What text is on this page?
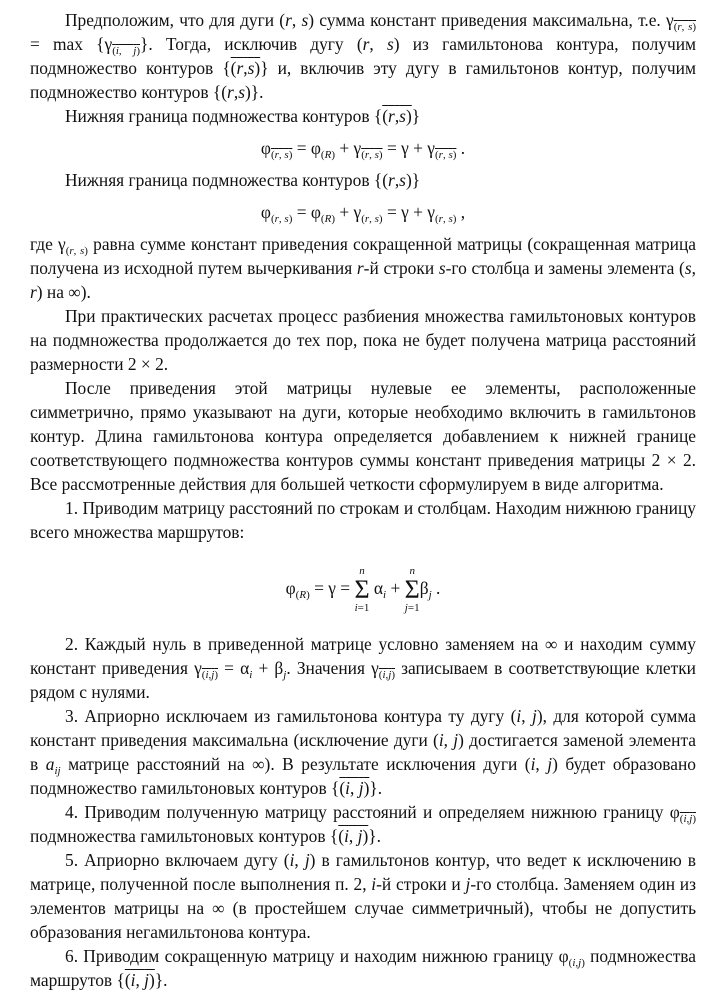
Предположим, что для дуги (r, s) сумма констант приведения максимальна, т.е. $\gamma_{(r, s)} = \max \{\gamma_{(i, j)}\}$. Тогда, исключив дугу (r, s) из гамильтонова контура, получим подмножество контуров {(r,s)} и, включив эту дугу в гамильтонов контур, получим подмножество контуров {(r,s)}.

Нижняя граница подмножества контуров {(r,s)}

$\varphi_{(r, s)} = \varphi_{(R)} + \gamma_{(r, s)} = \gamma + \gamma_{(r, s)}$ .

Нижняя граница подмножества контуров {(r,s)}

$\varphi_{(r, s)} = \varphi_{(R)} + \gamma_{(r, s)} = \gamma + \gamma_{(r, s)}$ ,

где $\gamma_{(r, s)}$ равна сумме констант приведения сокращенной матрицы (сокращенная матрица получена из исходной путем вычеркивания r-й строки s-го столбца и замены элемента (s, r) на ∞).

При практических расчетах процесс разбиения множества гамильтоновых контуров на подмножества продолжается до тех пор, пока не будет получена матрица расстояний размерности 2 × 2.

После приведения этой матрицы нулевые ее элементы, расположенные симметрично, прямо указывают на дуги, которые необходимо включить в гамильтонов контур. Длина гамильтонова контура определяется добавлением к нижней границе соответствующего подмножества контуров суммы констант приведения матрицы 2 × 2. Все рассмотренные действия для большей четкости сформулируем в виде алгоритма.

1. Приводим матрицу расстояний по строкам и столбцам. Находим нижнюю границу всего множества маршрутов:

$\varphi_{(R)} = \gamma = n$
Σ
i=1 $\alpha_i + n$
Σ
$j=1\beta_j$ .

2. Каждый нуль в приведенной матрице условно заменяем на ∞ и находим сумму констант приведения $\gamma_{(i,j)} = \alpha_i + \beta_j$. Значения $\gamma_{(i,j)}$ записываем в соответствующие клетки рядом с нулями.

3. Априорно исключаем из гамильтонова контура ту дугу (i, j), для которой сумма констант приведения максимальна (исключение дуги (i, j) достигается заменой элемента в $a_{ij}$ матрице расстояний на ∞). В результате исключения дуги (i, j) будет образовано подмножество гамильтоновых контуров {(i, j)}.

4. Приводим полученную матрицу расстояний и определяем нижнюю границу $\varphi_{(i,j)}$ подмножества гамильтоновых контуров {(i, j)}.

5. Априорно включаем дугу (i, j) в гамильтонов контур, что ведет к исключению в матрице, полученной после выполнения п. 2, i-й строки и j-го столбца. Заменяем один из элементов матрицы на ∞ (в простейшем случае симметричный), чтобы не допустить образования негамильтонова контура.

6. Приводим сокращенную матрицу и находим нижнюю границу $\varphi_{(i,j)}$ подмножества маршрутов {(i, j)}.
